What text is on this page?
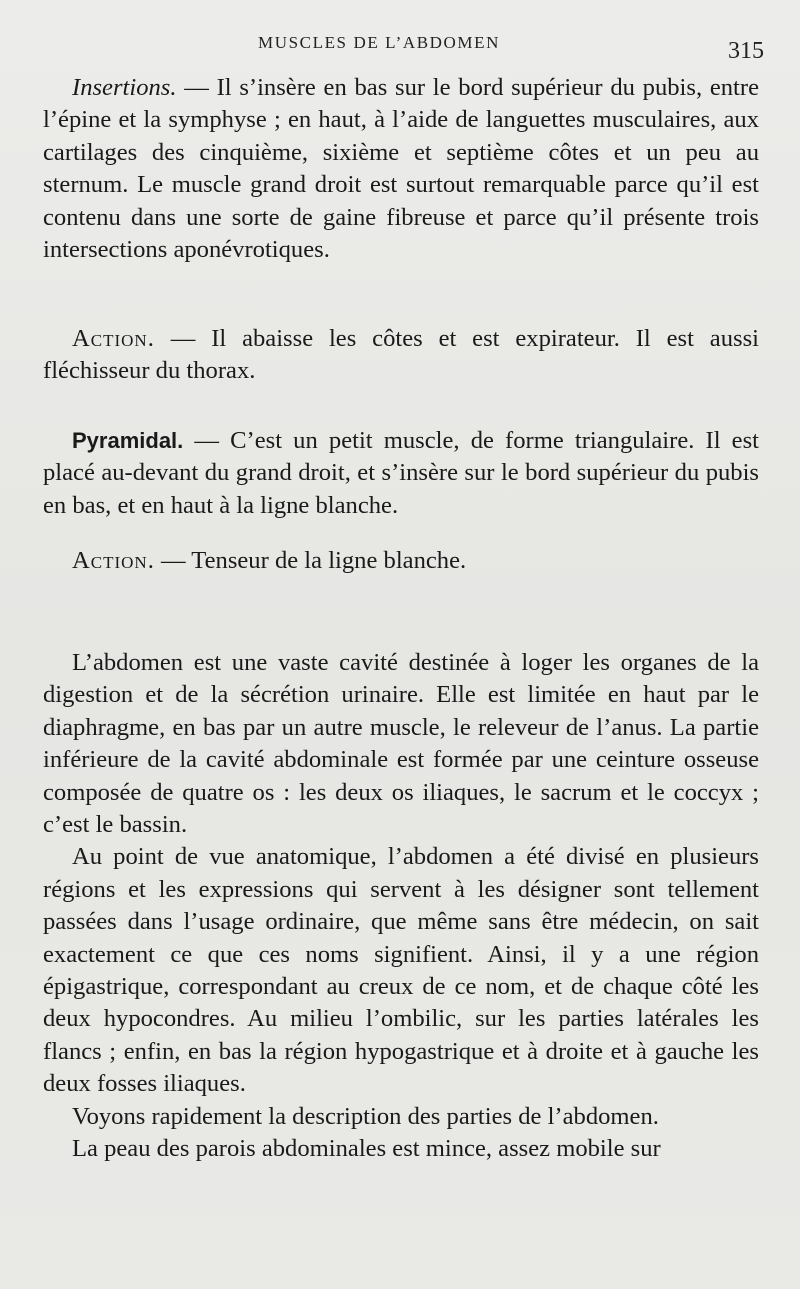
MUSCLES DE L’ABDOMEN	315

Insertions. — Il s’insère en bas sur le bord supérieur du pubis, entre l’épine et la symphyse ; en haut, à l’aide de languettes musculaires, aux cartilages des cinquième, sixième et septième côtes et un peu au sternum. Le muscle grand droit est surtout remarquable parce qu’il est contenu dans une sorte de gaine fibreuse et parce qu’il présente trois intersections aponévrotiques.

Action. — Il abaisse les côtes et est expirateur. Il est aussi fléchisseur du thorax.

Pyramidal. — C’est un petit muscle, de forme triangulaire. Il est placé au-devant du grand droit, et s’insère sur le bord supérieur du pubis en bas, et en haut à la ligne blanche.

Action. — Tenseur de la ligne blanche.

L’abdomen est une vaste cavité destinée à loger les organes de la digestion et de la sécrétion urinaire. Elle est limitée en haut par le diaphragme, en bas par un autre muscle, le releveur de l’anus. La partie inférieure de la cavité abdominale est formée par une ceinture osseuse composée de quatre os : les deux os iliaques, le sacrum et le coccyx ; c’est le bassin.

Au point de vue anatomique, l’abdomen a été divisé en plusieurs régions et les expressions qui servent à les désigner sont tellement passées dans l’usage ordinaire, que même sans être médecin, on sait exactement ce que ces noms signifient. Ainsi, il y a une région épigastrique, correspondant au creux de ce nom, et de chaque côté les deux hypocondres. Au milieu l’ombilic, sur les parties latérales les flancs ; enfin, en bas la région hypogastrique et à droite et à gauche les deux fosses iliaques.

Voyons rapidement la description des parties de l’abdomen.

La peau des parois abdominales est mince, assez mobile sur
